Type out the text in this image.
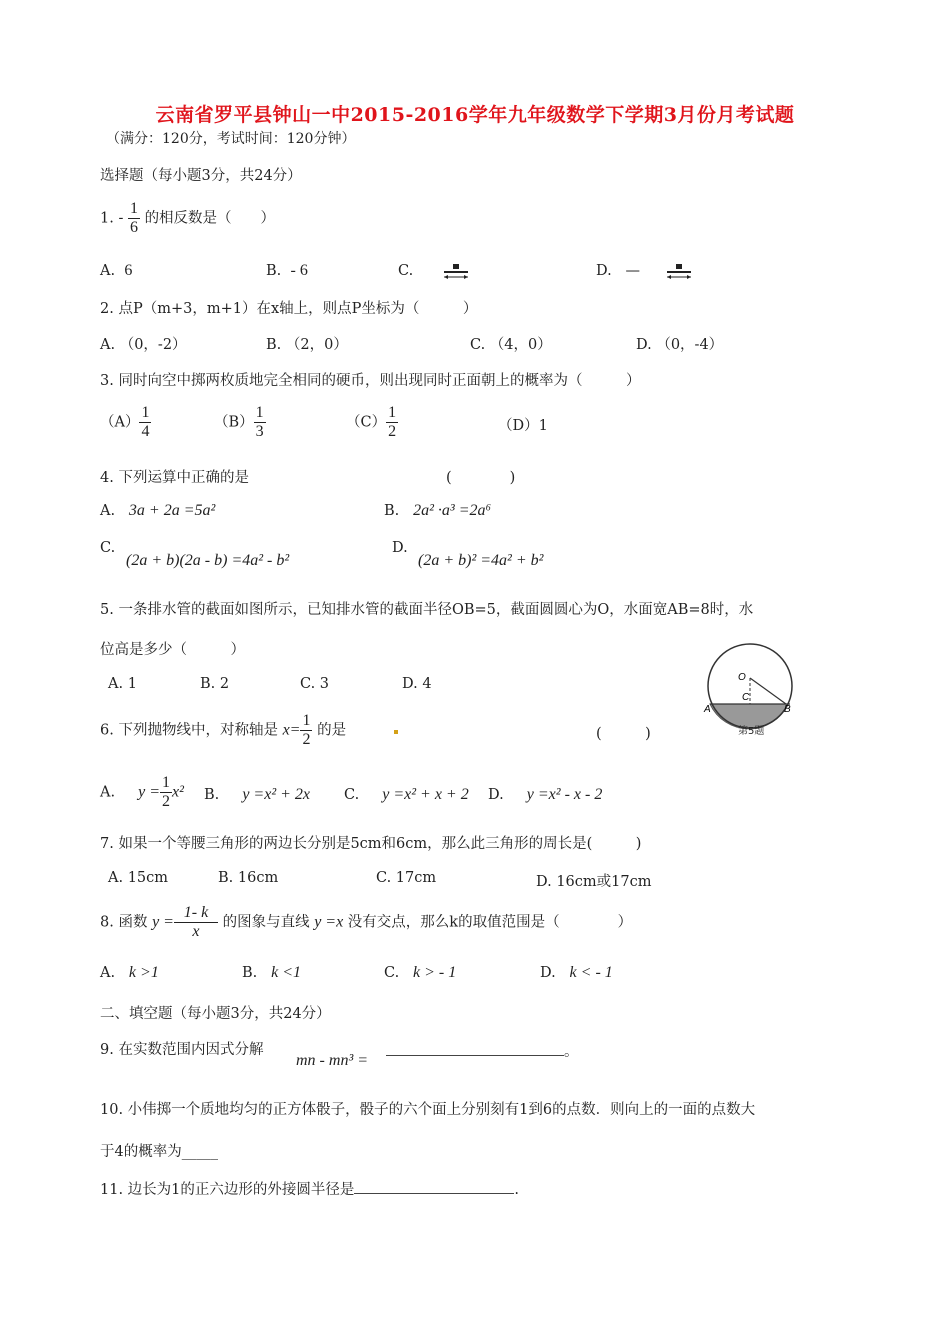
云南省罗平县钟山一中2015-2016学年九年级数学下学期3月份月考试题
（满分：120分，考试时间：120分钟）
选择题（每小题3分，共24分）
1. - $\frac{1}{6}$ 的相反数是（　　）
A. 6	B. - 6	C.	D. —
2. 点P（m+3，m+1）在x轴上，则点P坐标为（　　　）
A. （0，-2）	B. （2，0）	C. （4，0）	D. （0，-4）
3. 同时向空中掷两枚质地完全相同的硬币，则出现同时正面朝上的概率为（　　　）
$(A) \frac{1}{4}$	$(B) \frac{1}{3}$	$(C) \frac{1}{2}$	（D）1
4. 下列运算中正确的是	(　　　　)
A. 3a + 2a =5a²	B. 2a² ·a³ =2a⁶
C.
(2a + b)(2a - b) =4a² - b²
D.
(2a + b)² =4a² + b²
5. 一条排水管的截面如图所示，已知排水管的截面半径OB=5，截面圆圆心为O，水面宽AB=8时，水
位高是多少（　　　）
A. 1	B. 2	C. 3	D. 4	O
C
A	B
第5题
6. 下列抛物线中，对称轴是 $x= \frac{1}{2}$ 的是	(　　　)
A. $y = \frac{1}{2} x^2$ B. y =x² + 2x C. y =x² + x + 2 D. y =x² - x - 2
7. 如果一个等腰三角形的两边长分别是5cm和6cm，那么此三角形的周长是(　　　)
A. 15cm	B. 16cm	C. 17cm	D. 16cm或17cm
8. 函数 $y = \frac{1- k}{x}$ 的图象与直线 y =x 没有交点，那么k的取值范围是（　　　　）
A. k >1	B. k <1	C. k > - 1	D. k < - 1
二、填空题（每小题3分，共24分）
9. 在实数范围内因式分解
mn - mn³ =	。
10. 小伟掷一个质地均匀的正方体骰子，骰子的六个面上分别刻有1到6的点数．则向上的一面的点数大
于4的概率为_____
11. 边长为1的正六边形的外接圆半径是	.
